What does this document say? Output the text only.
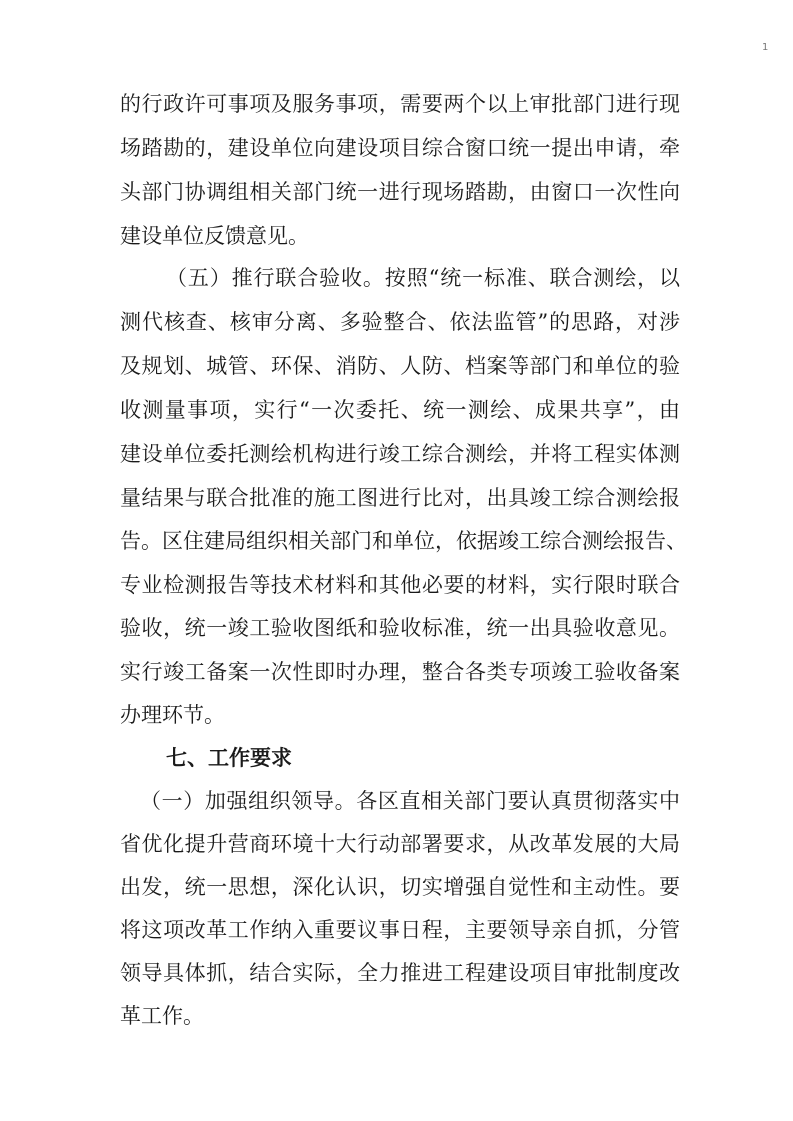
1
的行政许可事项及服务事项，需要两个以上审批部门进行现
场踏勘的，建设单位向建设项目综合窗口统一提出申请，牵
头部门协调组相关部门统一进行现场踏勘，由窗口一次性向
建设单位反馈意见。
（五）推行联合验收。按照“统一标准、联合测绘，以
测代核查、核审分离、多验整合、依法监管”的思路，对涉
及规划、城管、环保、消防、人防、档案等部门和单位的验
收测量事项，实行“一次委托、统一测绘、成果共享”，由
建设单位委托测绘机构进行竣工综合测绘，并将工程实体测
量结果与联合批准的施工图进行比对，出具竣工综合测绘报
告。区住建局组织相关部门和单位，依据竣工综合测绘报告、
专业检测报告等技术材料和其他必要的材料，实行限时联合
验收，统一竣工验收图纸和验收标准，统一出具验收意见。
实行竣工备案一次性即时办理，整合各类专项竣工验收备案
办理环节。
七、工作要求
（一）加强组织领导。各区直相关部门要认真贯彻落实中
省优化提升营商环境十大行动部署要求，从改革发展的大局
出发，统一思想，深化认识，切实增强自觉性和主动性。要
将这项改革工作纳入重要议事日程，主要领导亲自抓，分管
领导具体抓，结合实际，全力推进工程建设项目审批制度改
革工作。
